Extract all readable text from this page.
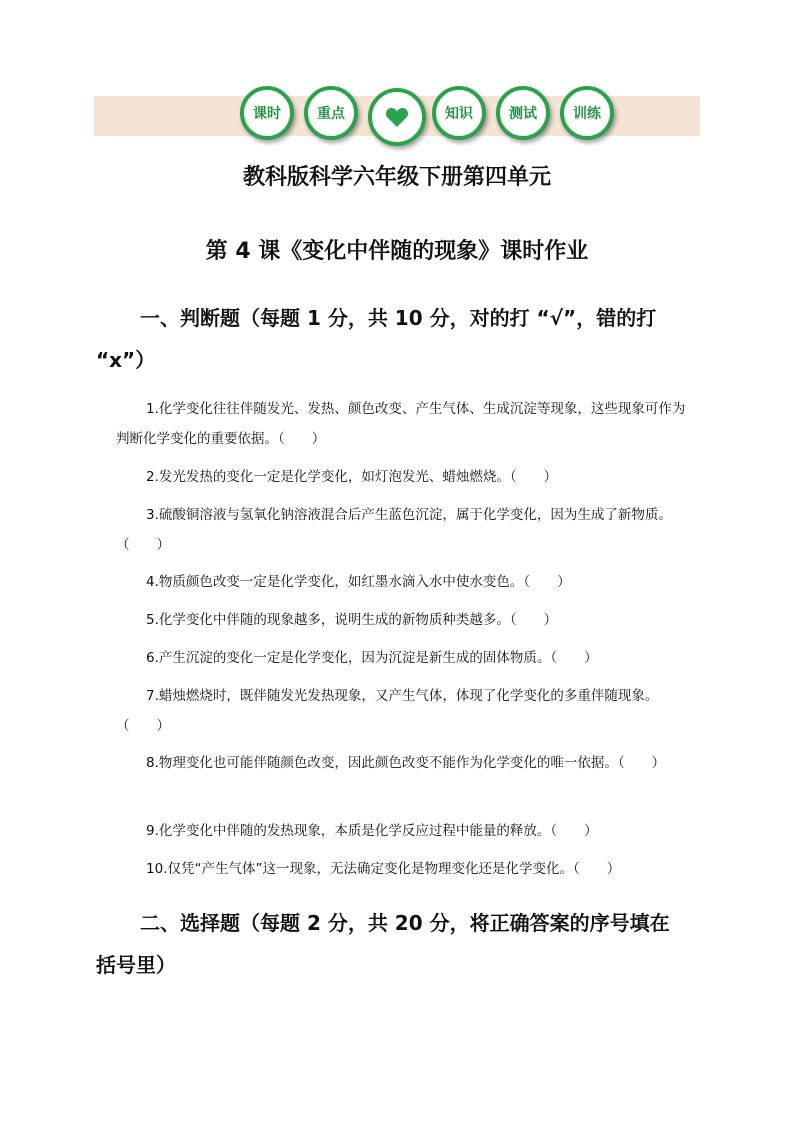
课时	重点	知识	测试	训练
教科版科学六年级下册第四单元
第 4 课《变化中伴随的现象》课时作业
一、判断题（每题 1 分，共 10 分，对的打 “√”，错的打
“x”）

1.化学变化往往伴随发光、发热、颜色改变、产生气体、生成沉淀等现象，这些现象可作为判断化学变化的重要依据。（　　）

2.发光发热的变化一定是化学变化，如灯泡发光、蜡烛燃烧。（　　）

3.硫酸铜溶液与氢氧化钠溶液混合后产生蓝色沉淀，属于化学变化，因为生成了新物质。（　　）

4.物质颜色改变一定是化学变化，如红墨水滴入水中使水变色。（　　）

5.化学变化中伴随的现象越多，说明生成的新物质种类越多。（　　）

6.产生沉淀的变化一定是化学变化，因为沉淀是新生成的固体物质。（　　）

7.蜡烛燃烧时，既伴随发光发热现象，又产生气体，体现了化学变化的多重伴随现象。（　　）

8.物理变化也可能伴随颜色改变，因此颜色改变不能作为化学变化的唯一依据。（　　）

9.化学变化中伴随的发热现象，本质是化学反应过程中能量的释放。（　　）

10.仅凭“产生气体”这一现象，无法确定变化是物理变化还是化学变化。（　　）

二、选择题（每题 2 分，共 20 分，将正确答案的序号填在
括号里）
